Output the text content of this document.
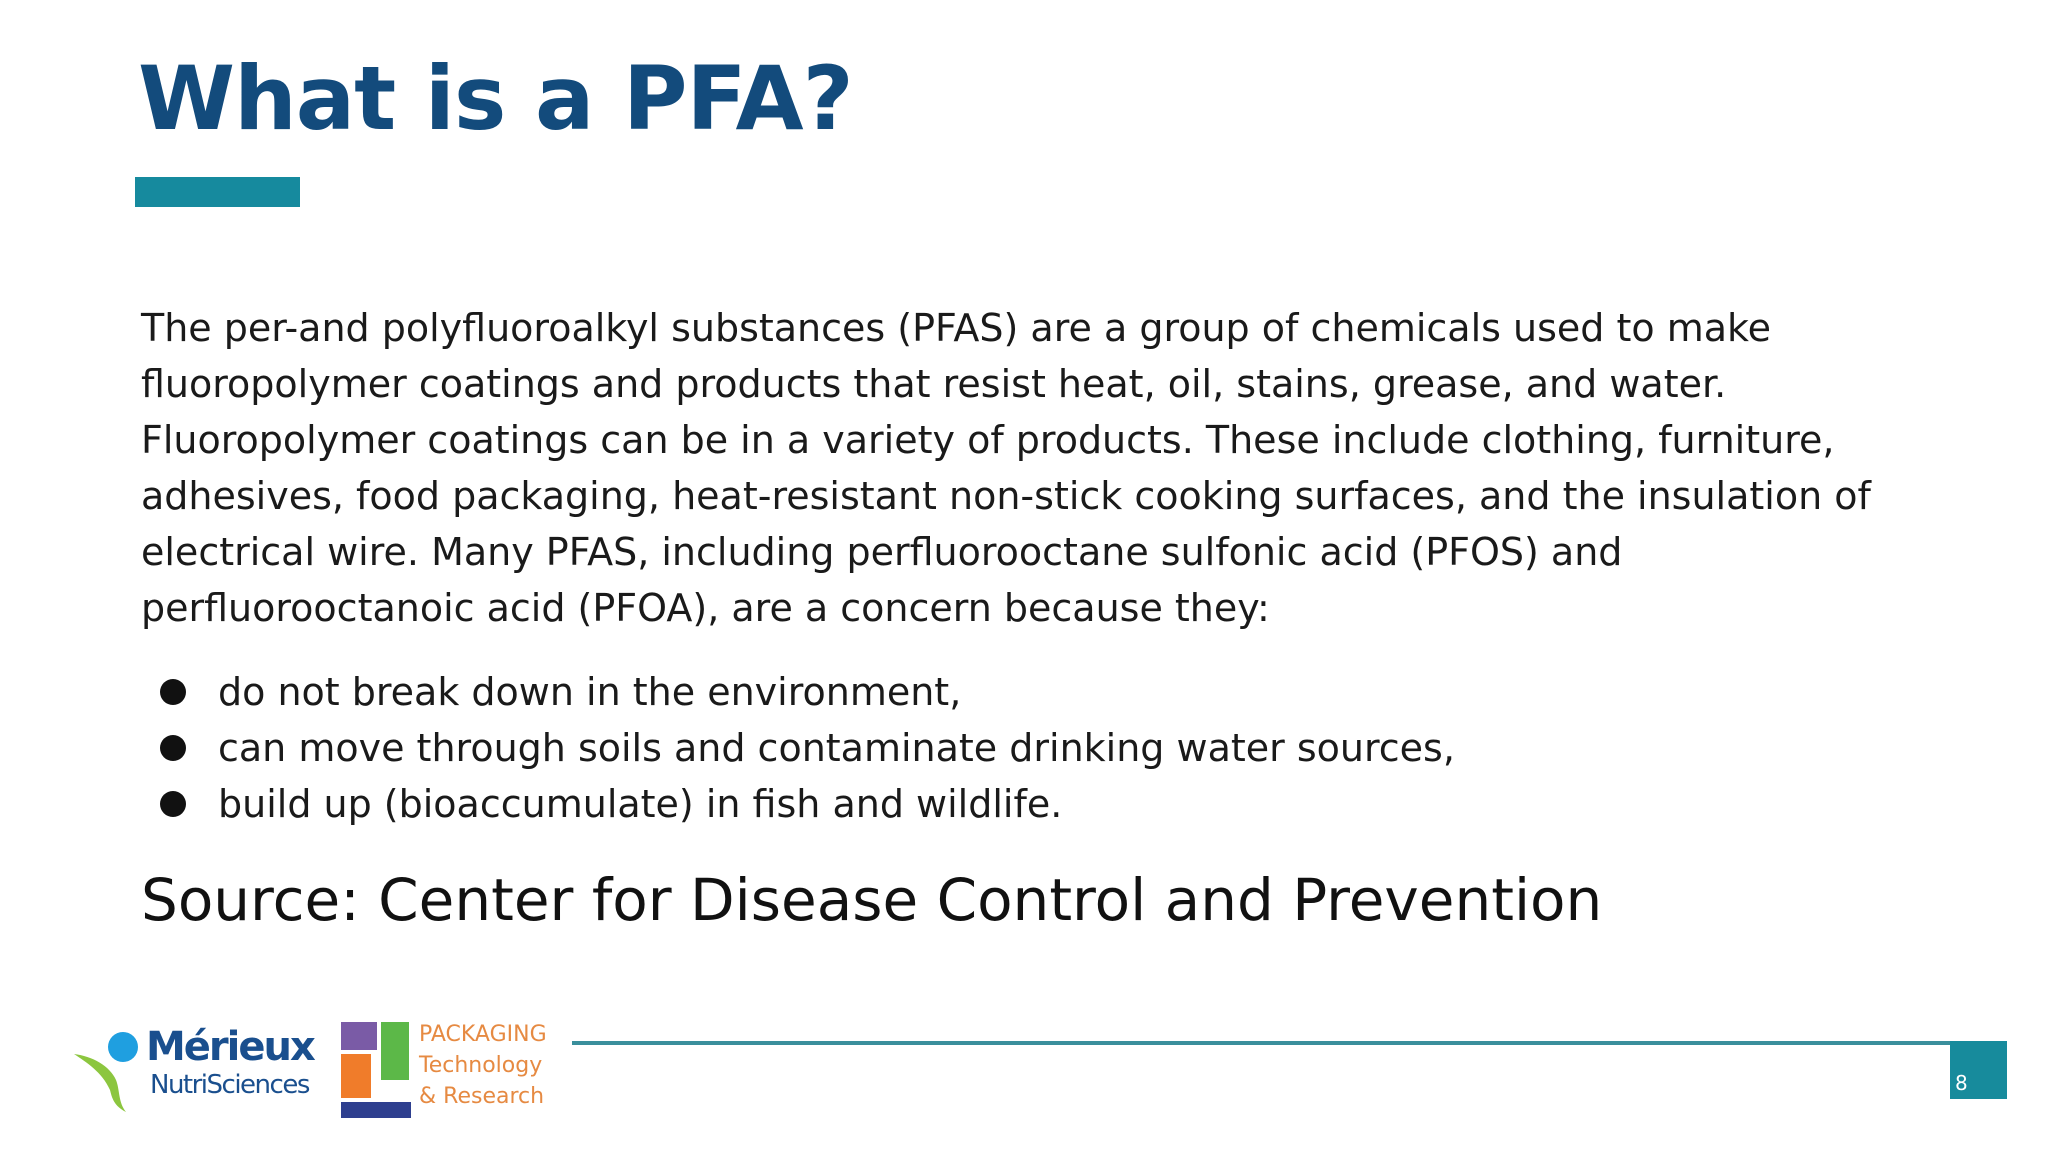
What is a PFA?

The per-and polyfluoroalkyl substances (PFAS) are a group of chemicals used to make fluoropolymer coatings and products that resist heat, oil, stains, grease, and water. Fluoropolymer coatings can be in a variety of products. These include clothing, furniture, adhesives, food packaging, heat-resistant non-stick cooking surfaces, and the insulation of electrical wire. Many PFAS, including perfluorooctane sulfonic acid (PFOS) and perfluorooctanoic acid (PFOA), are a concern because they:

do not break down in the environment,
can move through soils and contaminate drinking water sources,
build up (bioaccumulate) in fish and wildlife.

Source: Center for Disease Control and Prevention

Mérieux
NutriSciences
PACKAGING
Technology
& Research
8
